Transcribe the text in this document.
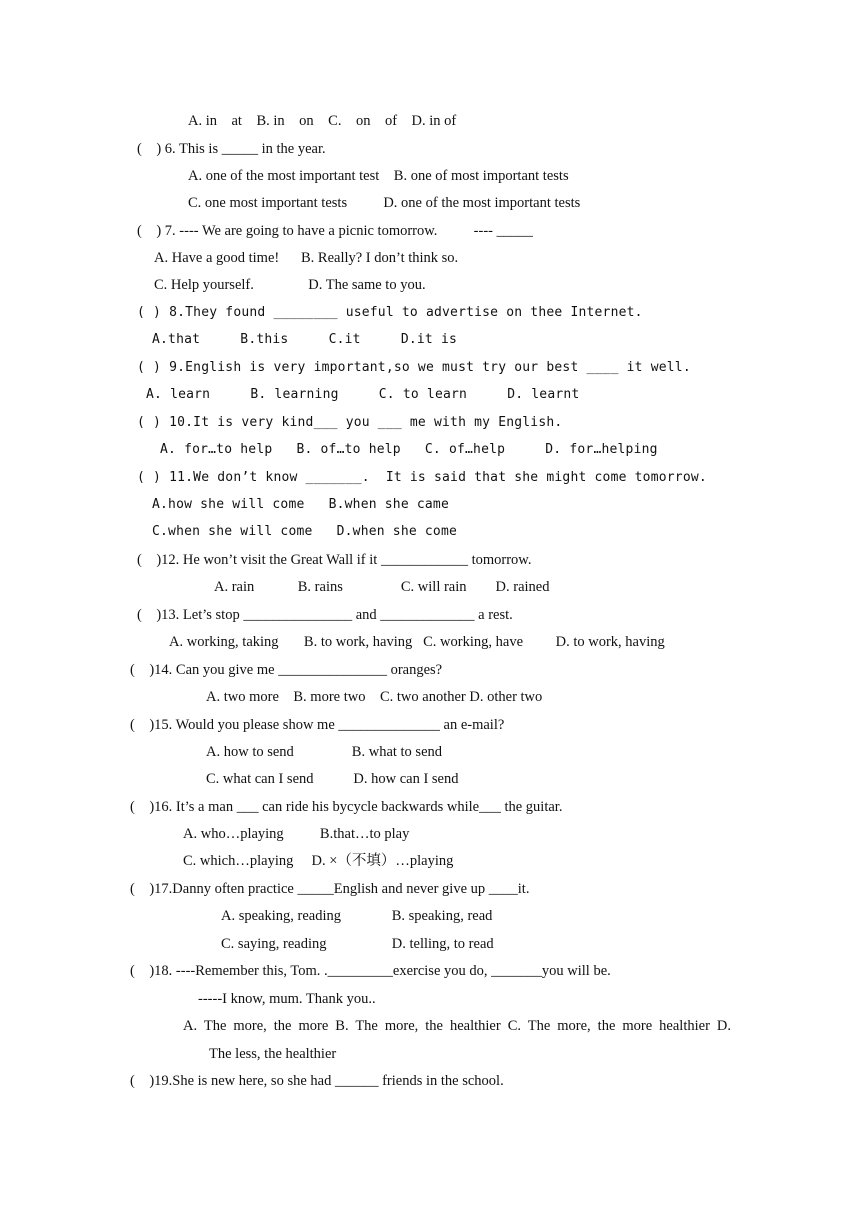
A. in    at    B. in    on    C.    on    of    D. in of
(    ) 6. This is _____ in the year.
A. one of the most important test    B. one of most important tests
C. one most important tests          D. one of the most important tests
(    ) 7. ---- We are going to have a picnic tomorrow.          ---- _____
A. Have a good time!      B. Really? I don’t think so.
C. Help yourself.               D. The same to you.
( ) 8.They found ________ useful to advertise on thee Internet.
A.that     B.this     C.it     D.it is
( ) 9.English is very important,so we must try our best ____ it well.
A. learn     B. learning     C. to learn     D. learnt
( ) 10.It is very kind___ you ___ me with my English.
A. for…to help   B. of…to help   C. of…help     D. for…helping
( ) 11.We don’t know _______.  It is said that she might come tomorrow.
A.how she will come   B.when she came
C.when she will come   D.when she come
(    )12. He won’t visit the Great Wall if it ____________ tomorrow.
A. rain            B. rains                C. will rain        D. rained
(    )13. Let’s stop _______________ and _____________ a rest.
A. working, taking       B. to work, having   C. working, have         D. to work, having
(    )14. Can you give me _______________ oranges?
A. two more    B. more two    C. two another D. other two
(    )15. Would you please show me ______________ an e-mail?
A. how to send                B. what to send
C. what can I send           D. how can I send
(    )16. It’s a man ___ can ride his bycycle backwards while___ the guitar.
A. who…playing          B.that…to play
C. which…playing     D. ×（不填）…playing
(    )17.Danny often practice _____English and never give up ____it.
A. speaking, reading              B. speaking, read
C. saying, reading                  D. telling, to read
(    )18. ----Remember this, Tom. ._________exercise you do, _______you will be.
-----I know, mum. Thank you..
A. The more, the more B. The more, the healthier C. The more, the more healthier D.
The less, the healthier
(    )19.She is new here, so she had ______ friends in the school.
